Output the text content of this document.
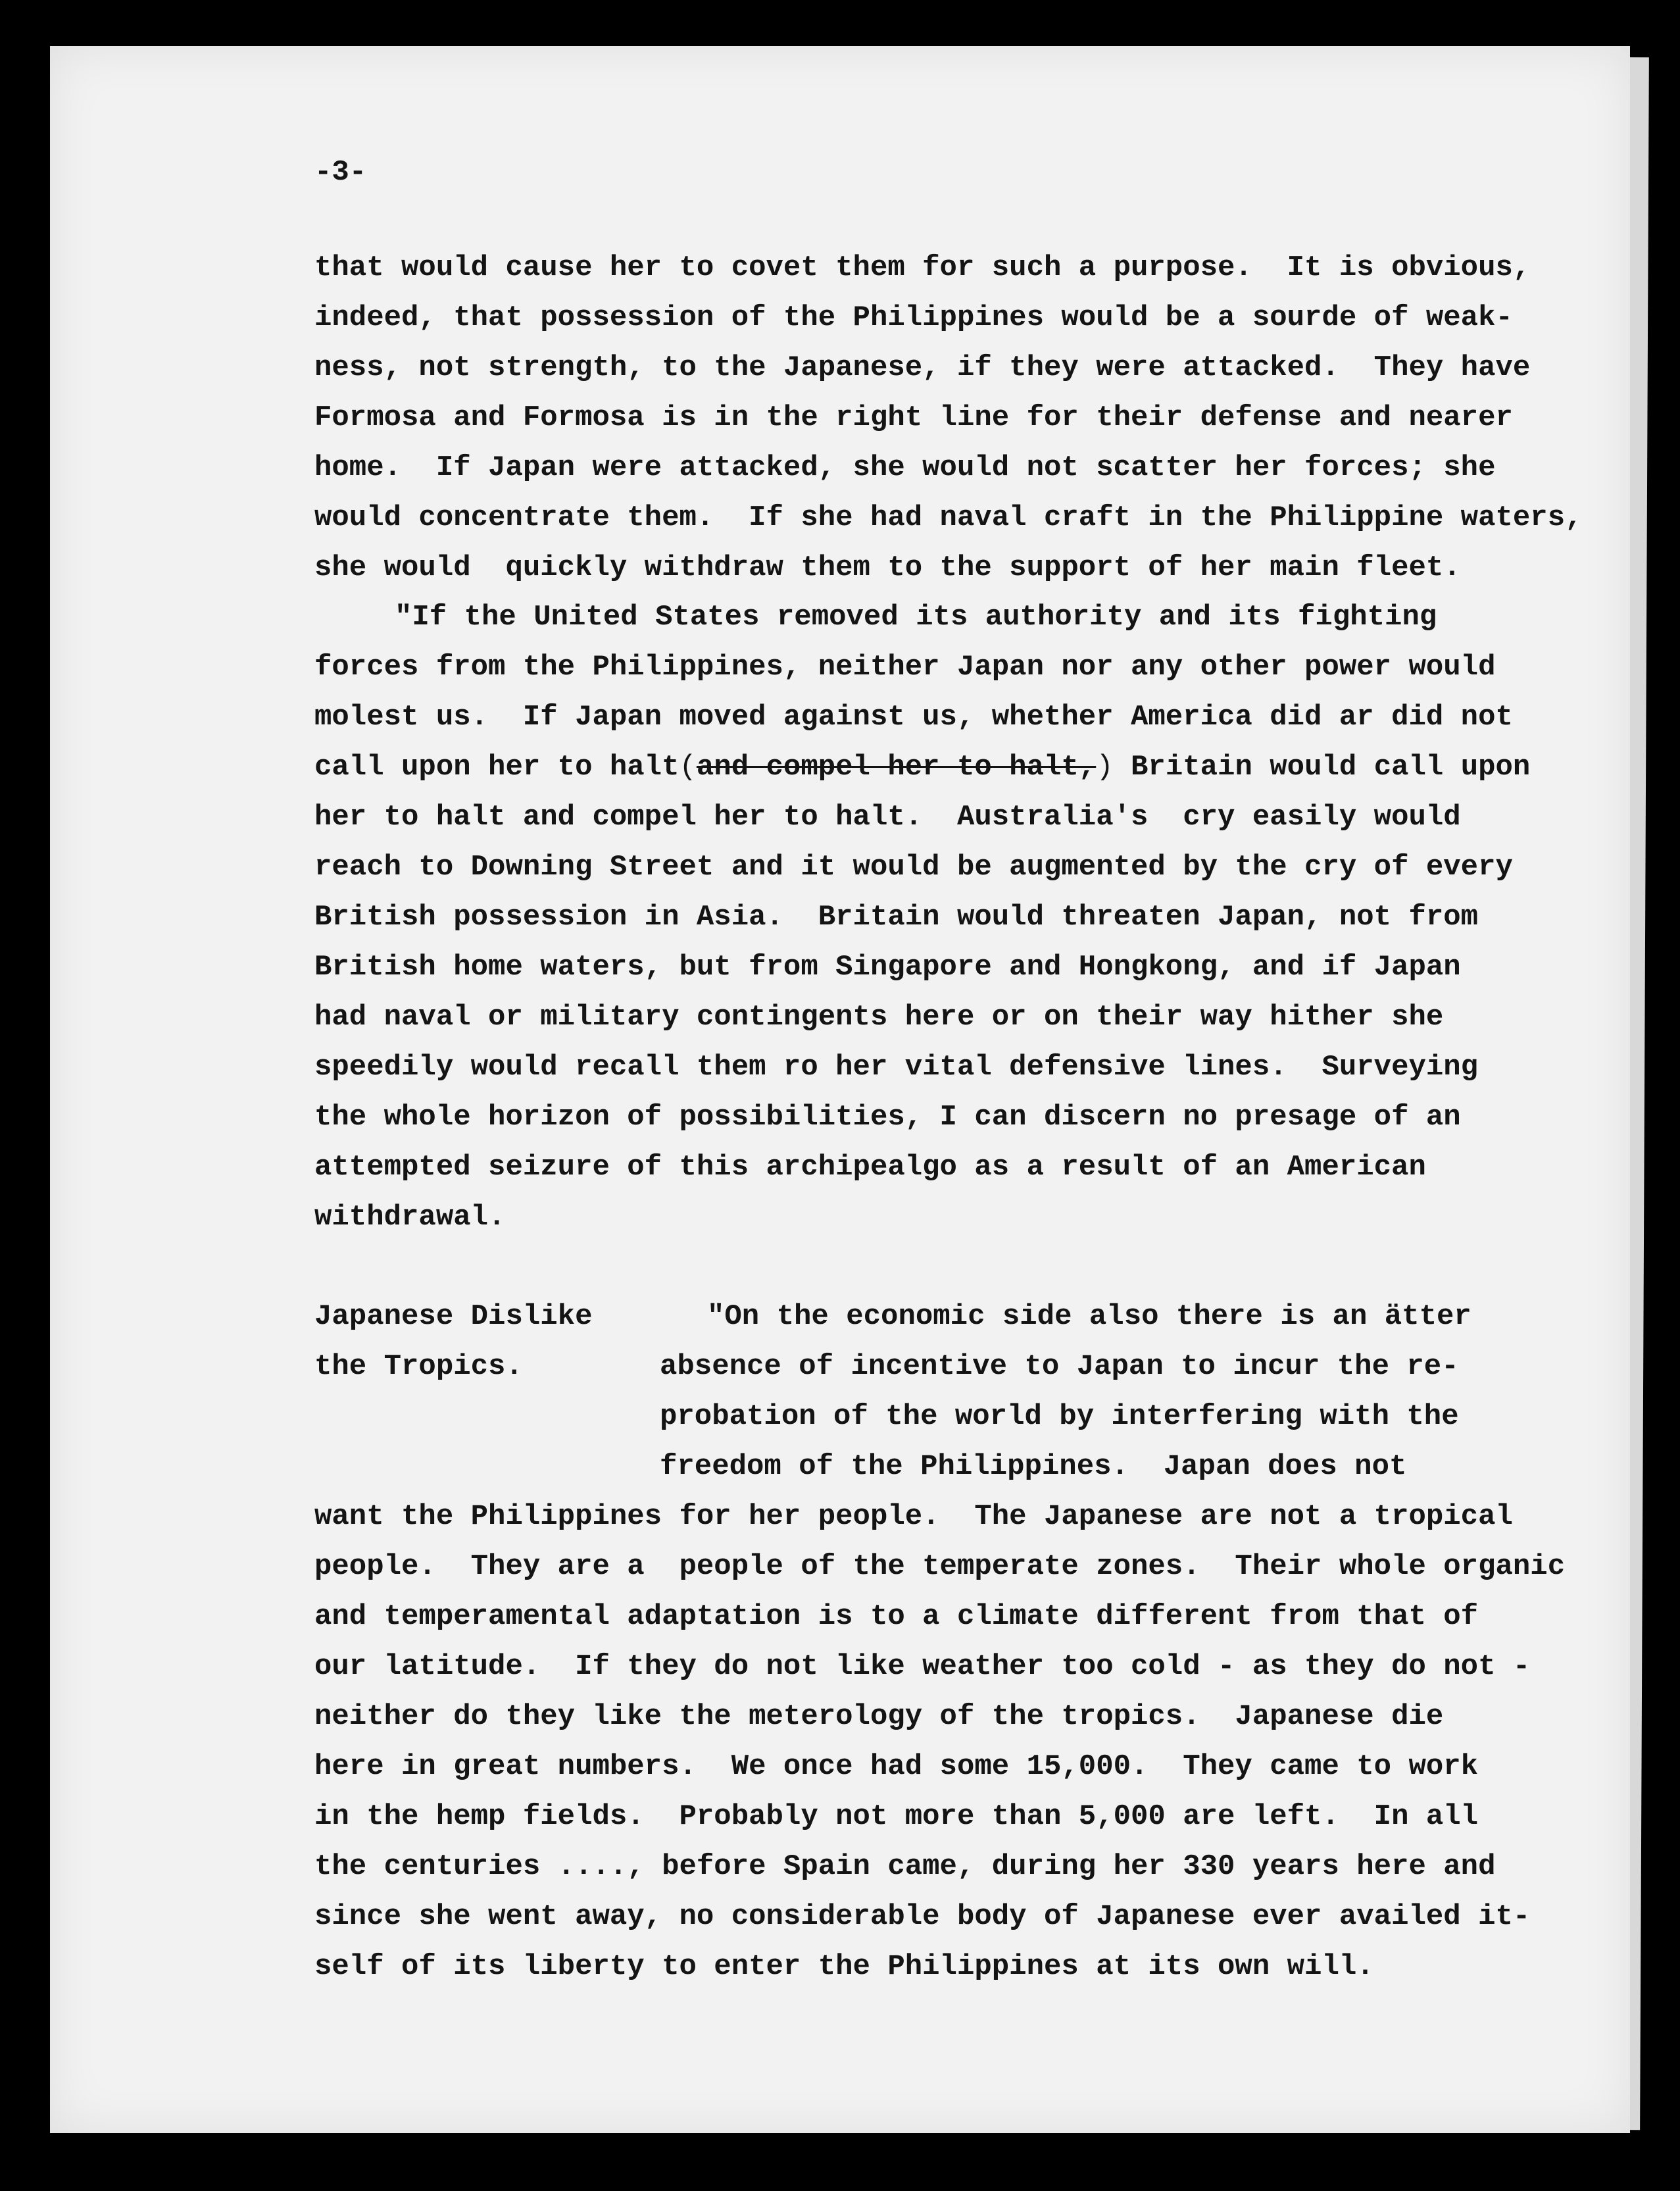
-3-

that would cause her to covet them for such a purpose.  It is obvious,

indeed, that possession of the Philippines would be a sourde of weak-

ness, not strength, to the Japanese, if they were attacked.  They have

Formosa and Formosa is in the right line for their defense and nearer

home.  If Japan were attacked, she would not scatter her forces; she

would concentrate them.  If she had naval craft in the Philippine waters,

she would  quickly withdraw them to the support of her main fleet.

"If the United States removed its authority and its fighting

forces from the Philippines, neither Japan nor any other power would

molest us.  If Japan moved against us, whether America did ar did not

call upon her to halt(and compel her to halt,) Britain would call upon

her to halt and compel her to halt.  Australia's  cry easily would

reach to Downing Street and it would be augmented by the cry of every

British possession in Asia.  Britain would threaten Japan, not from

British home waters, but from Singapore and Hongkong, and if Japan

had naval or military contingents here or on their way hither she

speedily would recall them ro her vital defensive lines.  Surveying

the whole horizon of possibilities, I can discern no presage of an

attempted seizure of this archipealgo as a result of an American

withdrawal.

Japanese Dislike

the Tropics.

"On the economic side also there is an ätter

absence of incentive to Japan to incur the re-

probation of the world by interfering with the

freedom of the Philippines.  Japan does not

want the Philippines for her people.  The Japanese are not a tropical

people.  They are a  people of the temperate zones.  Their whole organic

and temperamental adaptation is to a climate different from that of

our latitude.  If they do not like weather too cold - as they do not -

neither do they like the meterology of the tropics.  Japanese die

here in great numbers.  We once had some 15,000.  They came to work

in the hemp fields.  Probably not more than 5,000 are left.  In all

the centuries ...., before Spain came, during her 330 years here and

since she went away, no considerable body of Japanese ever availed it-

self of its liberty to enter the Philippines at its own will.
